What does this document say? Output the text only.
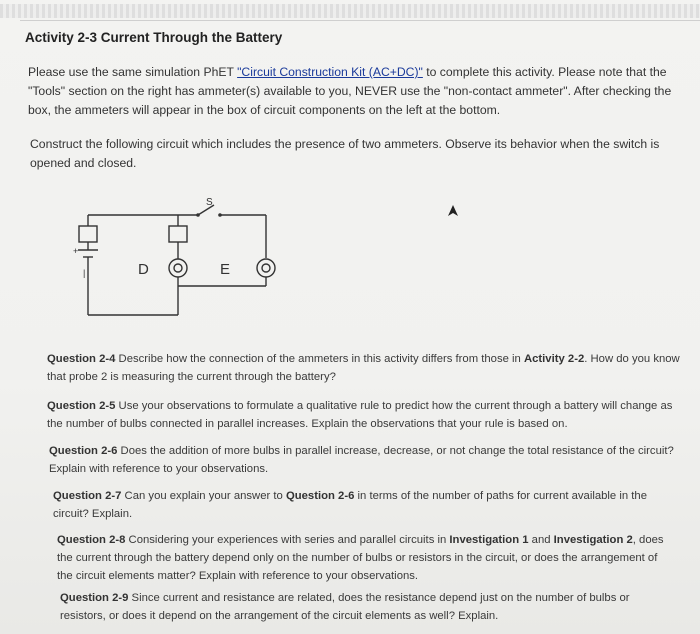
Activity 2-3 Current Through the Battery
Please use the same simulation PhET "Circuit Construction Kit (AC+DC)" to complete this activity. Please note that the "Tools" section on the right has ammeter(s) available to you, NEVER use the "non-contact ammeter". After checking the box, the ammeters will appear in the box of circuit components on the left at the bottom.
Construct the following circuit which includes the presence of two ammeters. Observe its behavior when the switch is opened and closed.
+
|
S
D	E
Question 2-4 Describe how the connection of the ammeters in this activity differs from those in Activity 2-2. How do you know that probe 2 is measuring the current through the battery?
Question 2-5 Use your observations to formulate a qualitative rule to predict how the current through a battery will change as the number of bulbs connected in parallel increases. Explain the observations that your rule is based on.
Question 2-6 Does the addition of more bulbs in parallel increase, decrease, or not change the total resistance of the circuit? Explain with reference to your observations.
Question 2-7 Can you explain your answer to Question 2-6 in terms of the number of paths for current available in the circuit? Explain.
Question 2-8 Considering your experiences with series and parallel circuits in Investigation 1 and Investigation 2, does the current through the battery depend only on the number of bulbs or resistors in the circuit, or does the arrangement of the circuit elements matter? Explain with reference to your observations.
Question 2-9 Since current and resistance are related, does the resistance depend just on the number of bulbs or resistors, or does it depend on the arrangement of the circuit elements as well? Explain.
